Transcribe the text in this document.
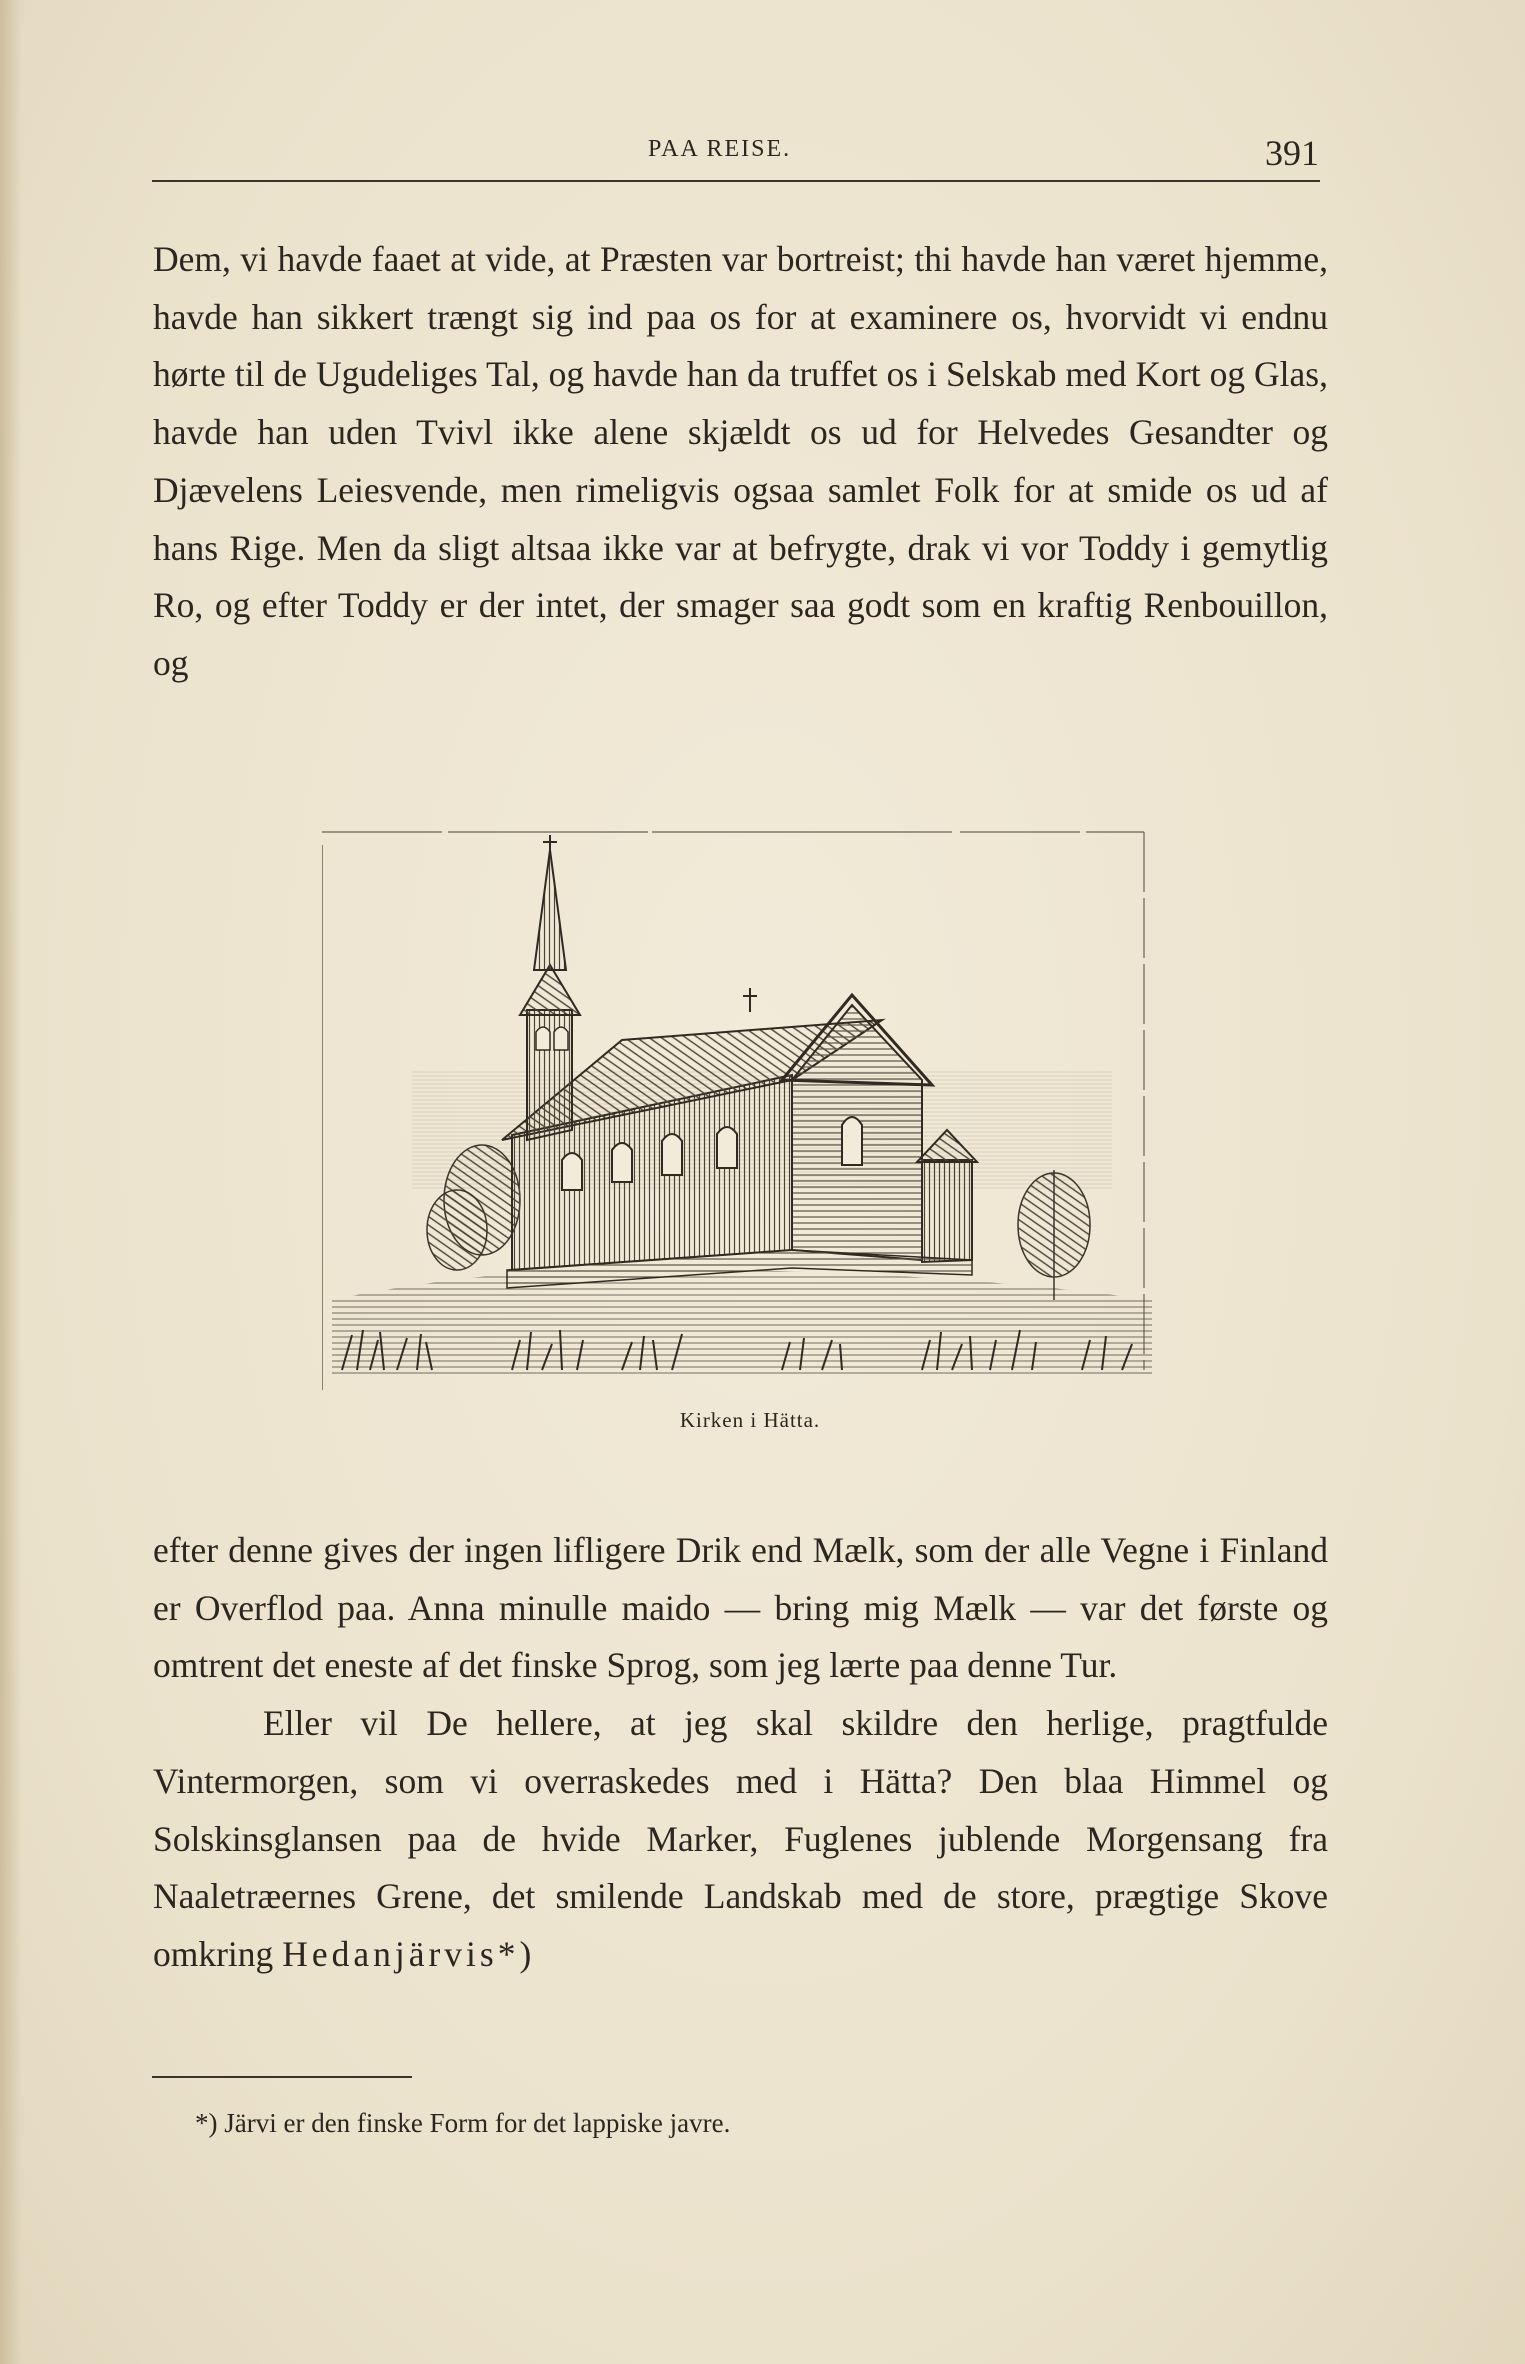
PAA REISE.	391

Dem, vi havde faaet at vide, at Præsten var bortreist; thi havde han været hjemme, havde han sikkert trængt sig ind paa os for at examinere os, hvorvidt vi endnu hørte til de Ugudeliges Tal, og havde han da truffet os i Selskab med Kort og Glas, havde han uden Tvivl ikke alene skjældt os ud for Helvedes Gesandter og Djævelens Leiesvende, men rimeligvis ogsaa samlet Folk for at smide os ud af hans Rige. Men da sligt altsaa ikke var at befrygte, drak vi vor Toddy i gemytlig Ro, og efter Toddy er der intet, der smager saa godt som en kraftig Renbouillon, og

Kirken i Hätta.

efter denne gives der ingen lifligere Drik end Mælk, som der alle Vegne i Finland er Overflod paa. Anna minulle maido — bring mig Mælk — var det første og omtrent det eneste af det finske Sprog, som jeg lærte paa denne Tur.

Eller vil De hellere, at jeg skal skildre den herlige, pragtfulde Vintermorgen, som vi overraskedes med i Hätta? Den blaa Himmel og Solskinsglansen paa de hvide Marker, Fuglenes jublende Morgensang fra Naaletræernes Grene, det smilende Landskab med de store, prægtige Skove omkring Hedanjärvis*)

*) Järvi er den finske Form for det lappiske javre.
